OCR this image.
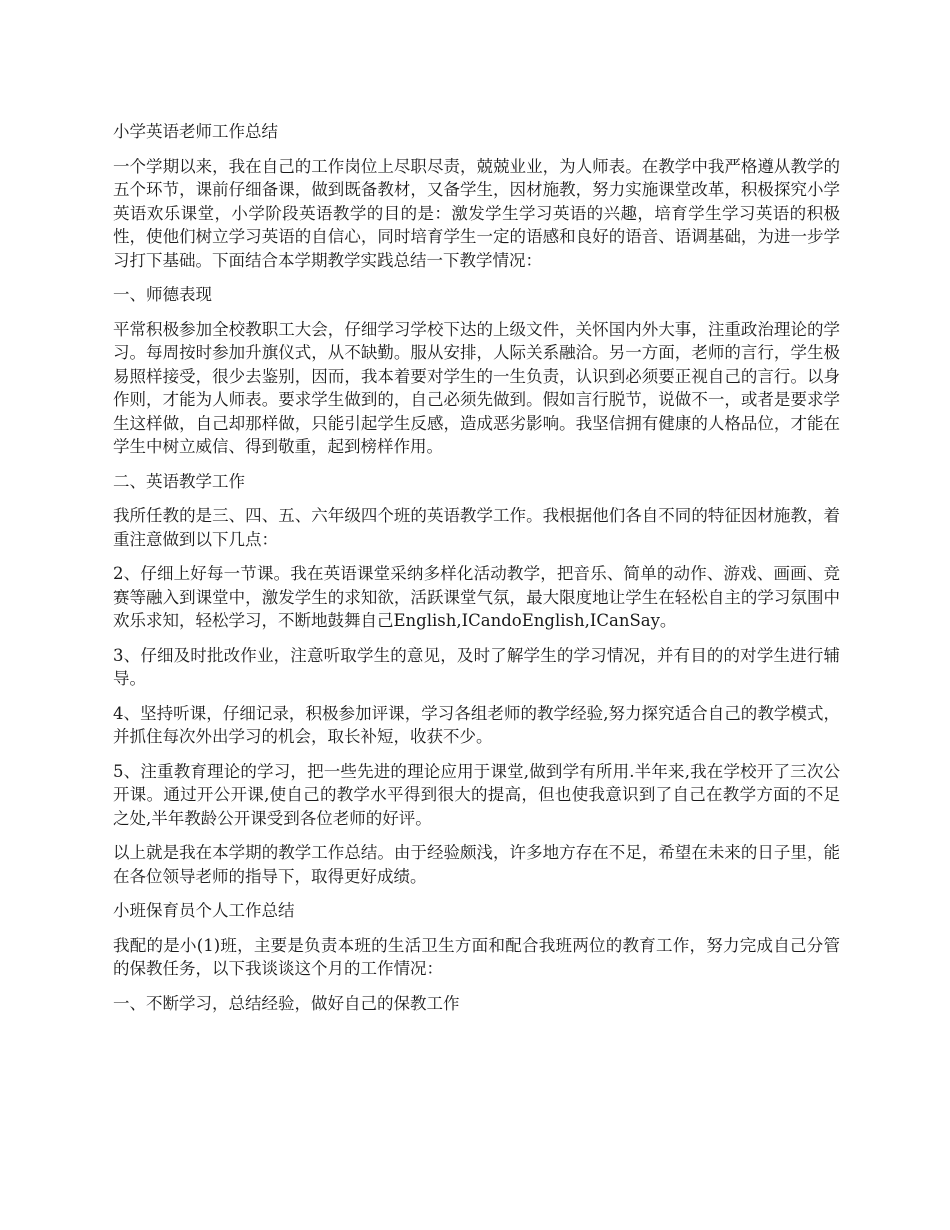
小学英语老师工作总结

一个学期以来，我在自己的工作岗位上尽职尽责，兢兢业业，为人师表。在教学中我严格遵从教学的五个环节，课前仔细备课，做到既备教材，又备学生，因材施教，努力实施课堂改革，积极探究小学英语欢乐课堂，小学阶段英语教学的目的是：激发学生学习英语的兴趣，培育学生学习英语的积极性，使他们树立学习英语的自信心，同时培育学生一定的语感和良好的语音、语调基础，为进一步学习打下基础。下面结合本学期教学实践总结一下教学情况：

一、师德表现

平常积极参加全校教职工大会，仔细学习学校下达的上级文件，关怀国内外大事，注重政治理论的学习。每周按时参加升旗仪式，从不缺勤。服从安排，人际关系融洽。另一方面，老师的言行，学生极易照样接受，很少去鉴别，因而，我本着要对学生的一生负责，认识到必须要正视自己的言行。以身作则，才能为人师表。要求学生做到的，自己必须先做到。假如言行脱节，说做不一，或者是要求学生这样做，自己却那样做，只能引起学生反感，造成恶劣影响。我坚信拥有健康的人格品位，才能在学生中树立威信、得到敬重，起到榜样作用。

二、英语教学工作

我所任教的是三、四、五、六年级四个班的英语教学工作。我根据他们各自不同的特征因材施教，着重注意做到以下几点：

2、仔细上好每一节课。我在英语课堂采纳多样化活动教学，把音乐、简单的动作、游戏、画画、竞赛等融入到课堂中，激发学生的求知欲，活跃课堂气氛，最大限度地让学生在轻松自主的学习氛围中欢乐求知，轻松学习，不断地鼓舞自己English,ICandoEnglish,ICanSay。

3、仔细及时批改作业，注意听取学生的意见，及时了解学生的学习情况，并有目的的对学生进行辅导。

4、坚持听课，仔细记录，积极参加评课，学习各组老师的教学经验,努力探究适合自己的教学模式，并抓住每次外出学习的机会，取长补短，收获不少。

5、注重教育理论的学习，把一些先进的理论应用于课堂,做到学有所用.半年来,我在学校开了三次公开课。通过开公开课,使自己的教学水平得到很大的提高，但也使我意识到了自己在教学方面的不足之处,半年教龄公开课受到各位老师的好评。

以上就是我在本学期的教学工作总结。由于经验颇浅，许多地方存在不足，希望在未来的日子里，能在各位领导老师的指导下，取得更好成绩。

小班保育员个人工作总结

我配的是小(1)班，主要是负责本班的生活卫生方面和配合我班两位的教育工作，努力完成自己分管的保教任务，以下我谈谈这个月的工作情况：

一、不断学习，总结经验，做好自己的保教工作
